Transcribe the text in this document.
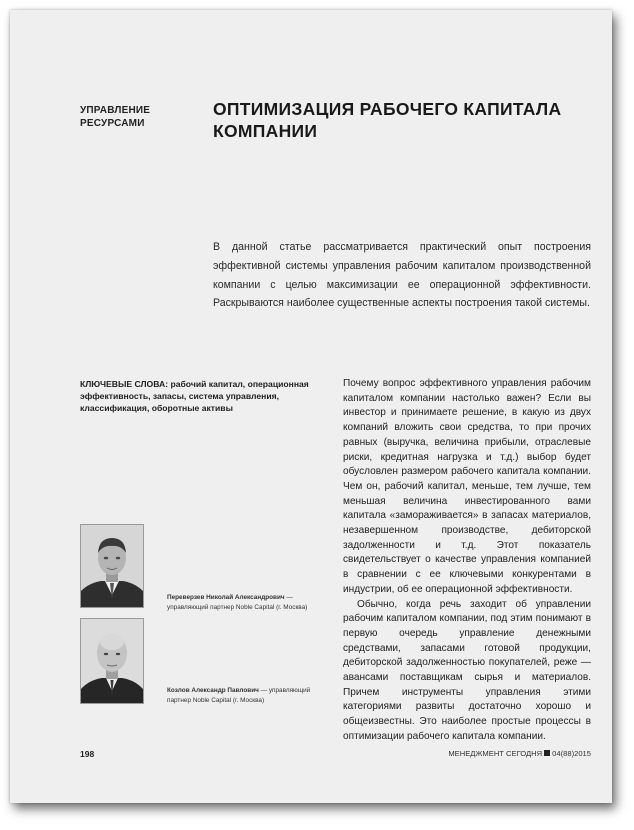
УПРАВЛЕНИЕ РЕСУРСАМИ
ОПТИМИЗАЦИЯ РАБОЧЕГО КАПИТАЛА КОМПАНИИ

В данной статье рассматривается практический опыт построения эффективной системы управления рабочим капиталом производственной компании с целью максимизации ее операционной эффективности. Раскрываются наиболее существенные аспекты построения такой системы.

КЛЮЧЕВЫЕ СЛОВА: рабочий капитал, операционная эффективность, запасы, система управления, классификация, оборотные активы

Переверзев Николай Александрович — управляющий партнер Noble Capital (г. Москва)

Козлов Александр Павлович — управляющий партнер Noble Capital (г. Москва)

Почему вопрос эффективного управления рабочим капиталом компании настолько важен? Если вы инвестор и принимаете решение, в какую из двух компаний вложить свои средства, то при прочих равных (выручка, величина прибыли, отраслевые риски, кредитная нагрузка и т.д.) выбор будет обусловлен размером рабочего капитала компании. Чем он, рабочий капитал, меньше, тем лучше, тем меньшая величина инвестированного вами капитала «замораживается» в запасах материалов, незавершенном производстве, дебиторской задолженности и т.д. Этот показатель свидетельствует о качестве управления компанией в сравнении с ее ключевыми конкурентами в индустрии, об ее операционной эффективности.

Обычно, когда речь заходит об управлении рабочим капиталом компании, под этим понимают в первую очередь управление денежными средствами, запасами готовой продукции, дебиторской задолженностью покупателей, реже — авансами поставщикам сырья и материалов. Причем инструменты управления этими категориями развиты достаточно хорошо и общеизвестны. Это наиболее простые процессы в оптимизации рабочего капитала компании.

198	МЕНЕДЖМЕНТ СЕГОДНЯ 04(88)2015
